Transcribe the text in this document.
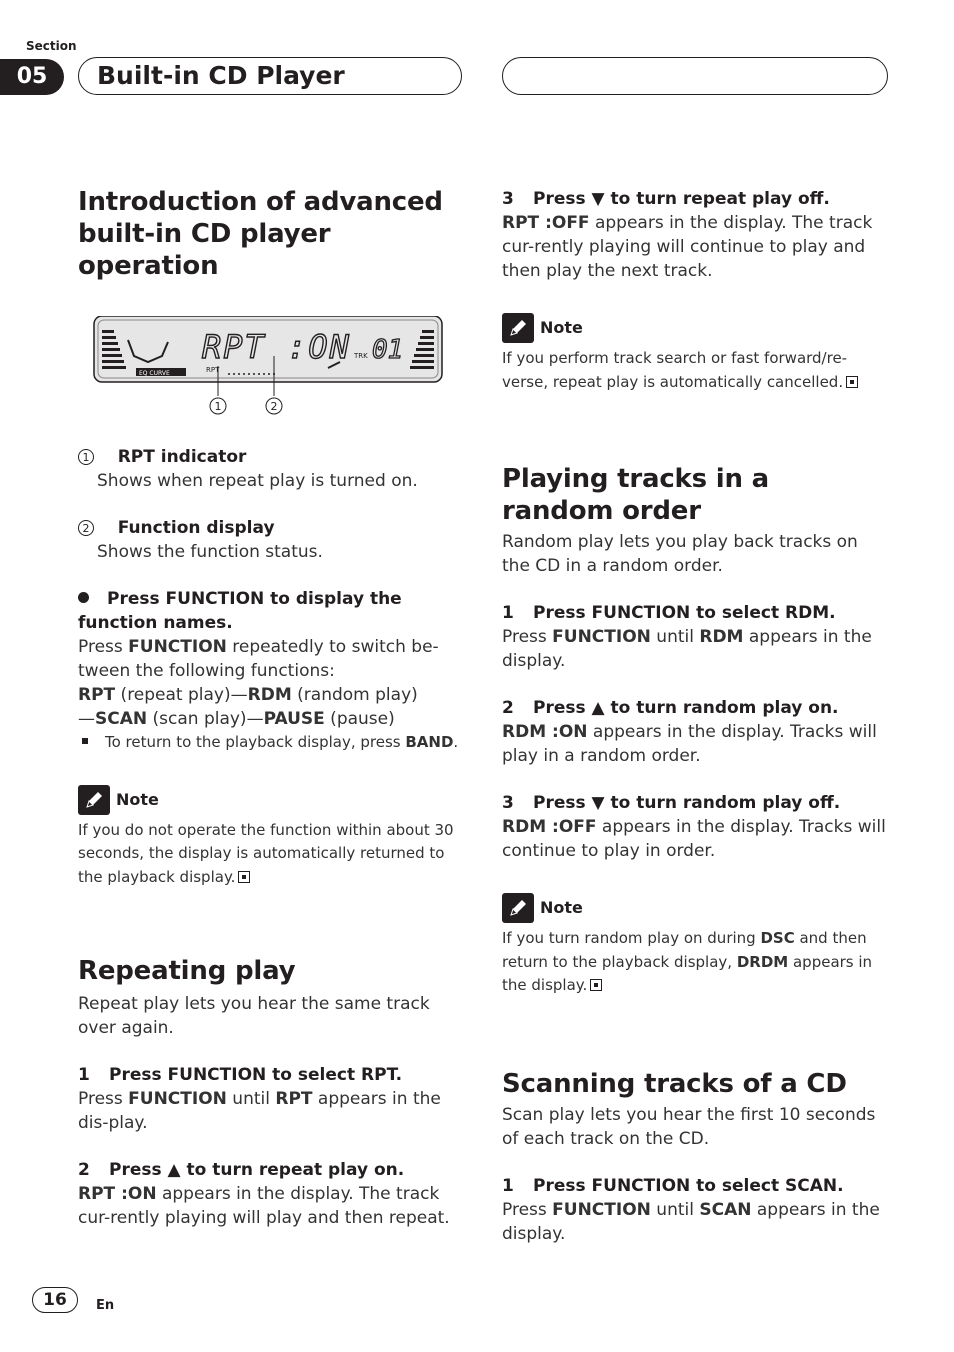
Section
05	Built-in CD Player
Introduction of advanced built-in CD player operation
EQ CURVE
RPT :ON TRK 01
RPT
1	2

1 RPT indicator

Shows when repeat play is turned on.

2 Function display

Shows the function status.

Press FUNCTION to display the function names.

Press FUNCTION repeatedly to switch be-tween the following functions:

RPT (repeat play)—RDM (random play)

—SCAN (scan play)—PAUSE (pause)

To return to the playback display, press BAND.

Note

If you do not operate the function within about 30 seconds, the display is automatically returned to the playback display.

Repeating play

Repeat play lets you hear the same track over again.

1 Press FUNCTION to select RPT.

Press FUNCTION until RPT appears in the dis-play.

2 Press ▲ to turn repeat play on.

RPT :ON appears in the display. The track cur-rently playing will play and then repeat.

3 Press ▼ to turn repeat play off.

RPT :OFF appears in the display. The track cur-rently playing will continue to play and then play the next track.

Note

If you perform track search or fast forward/re-verse, repeat play is automatically cancelled.

Playing tracks in a random order

Random play lets you play back tracks on the CD in a random order.

1 Press FUNCTION to select RDM.

Press FUNCTION until RDM appears in the display.

2 Press ▲ to turn random play on.

RDM :ON appears in the display. Tracks will play in a random order.

3 Press ▼ to turn random play off.

RDM :OFF appears in the display. Tracks will continue to play in order.

Note

If you turn random play on during DSC and then return to the playback display, DRDM appears in the display.

Scanning tracks of a CD

Scan play lets you hear the first 10 seconds of each track on the CD.

1 Press FUNCTION to select SCAN.

Press FUNCTION until SCAN appears in the display.

16	En
